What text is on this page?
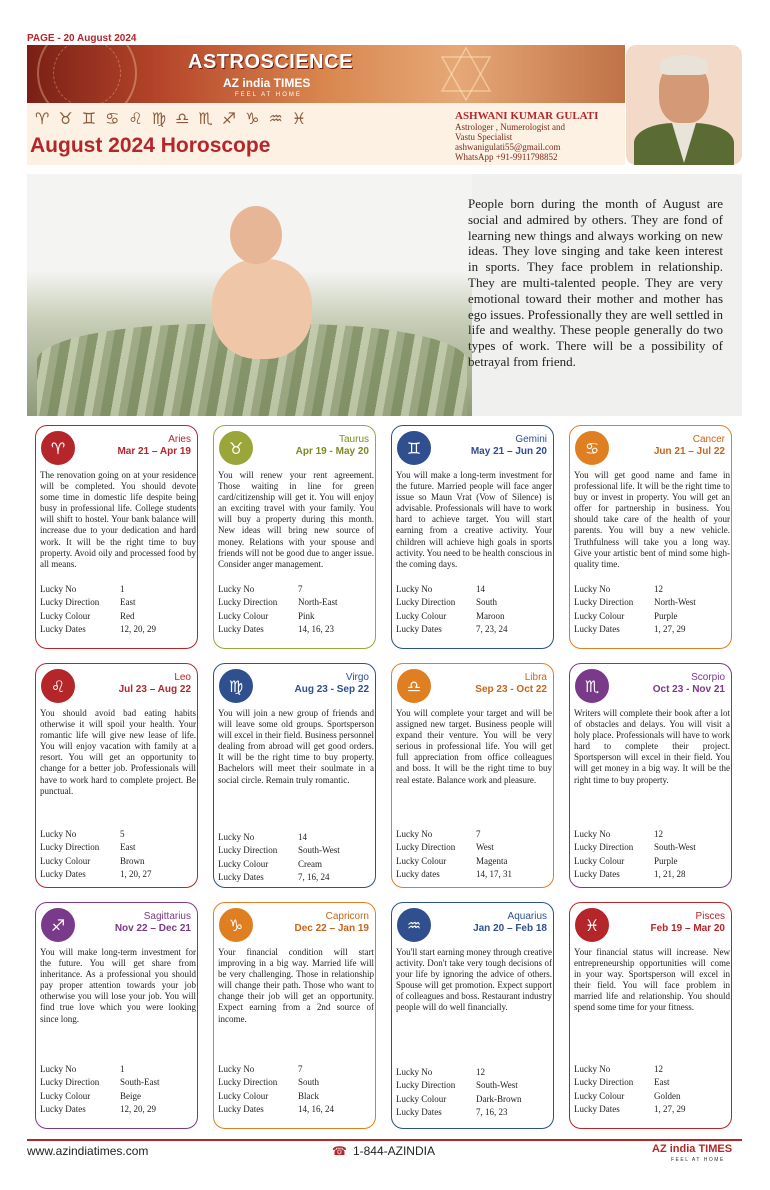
PAGE - 20 August 2024
ASTROSCIENCE
AZ india TIMES
FEEL AT HOME
♈♉♊♋♌♍♎♏♐♑♒♓
August 2024 Horoscope
ASHWANI KUMAR GULATI
Astrologer , Numerologist and
Vastu Specialist
ashwanigulati55@gmail.com
WhatsApp +91-9911798852
People born during the month of August are social and admired by others. They are fond of learning new things and always working on new ideas. They love singing and take keen interest in sports. They face problem in relationship. They are multi-talented people. They are very emotional toward their mother and mother has ego issues. Professionally they are well settled in life and wealthy. These people generally do two types of work. There will be a possibility of betrayal from friend.
♈	Aries
Mar 21 – Apr 19
The renovation going on at your residence will be completed. You should devote some time in domestic life despite being busy in professional life. College students will shift to hostel. Your bank balance will increase due to your dedication and hard work. It will be the right time to buy property. Avoid oily and processed food by all means.
Lucky No	1
Lucky Direction	East
Lucky Colour	Red
Lucky Dates	12, 20, 29
♉	Taurus
Apr 19 - May 20
You will renew your rent agreement. Those waiting in line for green card/citizenship will get it. You will enjoy an exciting travel with your family. You will buy a property during this month. New ideas will bring new source of money. Relations with your spouse and friends will not be good due to anger issue. Consider anger management.
Lucky No	7
Lucky Direction	North-East
Lucky Colour	Pink
Lucky Dates	14, 16, 23
♊	Gemini
May 21 – Jun 20
You will make a long-term investment for the future. Married people will face anger issue so Maun Vrat (Vow of Silence) is advisable. Professionals will have to work hard to achieve target. You will start earning from a creative activity. Your children will achieve high goals in sports activity. You need to be health conscious in the coming days.
Lucky No	14
Lucky Direction	South
Lucky Colour	Maroon
Lucky Dates	7, 23, 24
♋	Cancer
Jun 21 – Jul 22
You will get good name and fame in professional life. It will be the right time to buy or invest in property. You will get an offer for partnership in business. You should take care of the health of your parents. You will buy a new vehicle. Truthfulness will take you a long way. Give your artistic bent of mind some high-quality time.
Lucky No	12
Lucky Direction	North-West
Lucky Colour	Purple
Lucky Dates	1, 27, 29
♌	Leo
Jul 23 – Aug 22
You should avoid bad eating habits otherwise it will spoil your health. Your romantic life will give new lease of life. You will enjoy vacation with family at a resort. You will get an opportunity to change for a better job. Professionals will have to work hard to complete project. Be punctual.
Lucky No	5
Lucky Direction	East
Lucky Colour	Brown
Lucky Dates	1, 20, 27
♍	Virgo
Aug 23 - Sep 22
You will join a new group of friends and will leave some old groups. Sportsperson will excel in their field. Business personnel dealing from abroad will get good orders. It will be the right time to buy property. Bachelors will meet their soulmate in a social circle. Remain truly romantic.
Lucky No	14
Lucky Direction	South-West
Lucky Colour	Cream
Lucky Dates	7, 16, 24
♎	Libra
Sep 23 - Oct 22
You will complete your target and will be assigned new target. Business people will expand their venture. You will be very serious in professional life. You will get full appreciation from office colleagues and boss. It will be the right time to buy real estate. Balance work and pleasure.
Lucky No	7
Lucky Direction	West
Lucky Colour	Magenta
Lucky dates	14, 17, 31
♏	Scorpio
Oct 23 - Nov 21
Writers will complete their book after a lot of obstacles and delays. You will visit a holy place. Professionals will have to work hard to complete their project. Sportsperson will excel in their field. You will get money in a big way. It will be the right time to buy property.
Lucky No	12
Lucky Direction	South-West
Lucky Colour	Purple
Lucky Dates	1, 21, 28
♐	Sagittarius
Nov 22 – Dec 21
You will make long-term investment for the future. You will get share from inheritance. As a professional you should pay proper attention towards your job otherwise you will lose your job. You will find true love which you were looking since long.
Lucky No	1
Lucky Direction	South-East
Lucky Colour	Beige
Lucky Dates	12, 20, 29
♑	Capricorn
Dec 22 – Jan 19
Your financial condition will start improving in a big way. Married life will be very challenging. Those in relationship will change their path. Those who want to change their job will get an opportunity. Expect earning from a 2nd source of income.
Lucky No	7
Lucky Direction	South
Lucky Colour	Black
Lucky Dates	14, 16, 24
♒	Aquarius
Jan 20 – Feb 18
You'll start earning money through creative activity. Don't take very tough decisions of your life by ignoring the advice of others. Spouse will get promotion. Expect support of colleagues and boss. Restaurant industry people will do well financially.
Lucky No	12
Lucky Direction	South-West
Lucky Colour	Dark-Brown
Lucky Dates	7, 16, 23
♓	Pisces
Feb 19 – Mar 20
Your financial status will increase. New entrepreneurship opportunities will come in your way. Sportsperson will excel in their field. You will face problem in married life and relationship. You should spend some time for your fitness.
Lucky No	12
Lucky Direction	East
Lucky Colour	Golden
Lucky Dates	1, 27, 29
www.azindiatimes.com	☎ 1-844-AZINDIA	AZ india TIMES
FEEL AT HOME
